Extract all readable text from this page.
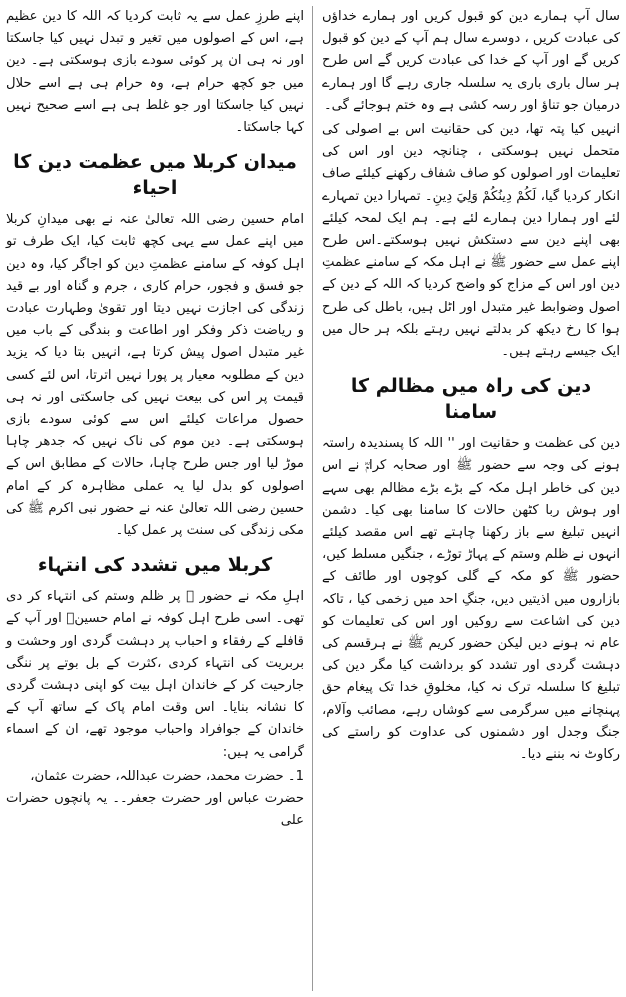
سال آپ ہمارے دین کو قبول کریں اور ہمارے خداؤں کی عبادت کریں ، دوسرے سال ہم آپ کے دین کو قبول کریں گے اور آپ کے خدا کی عبادت کریں گے اس طرح ہر سال باری باری یہ سلسلہ جاری رہے گا اور ہمارے درمیان جو تناؤ اور رسہ کشی ہے وہ ختم ہوجائے گی۔

انہیں کیا پتہ تھا، دین کی حقانیت اس بے اصولی کی متحمل نہیں ہوسکتی ، چنانچہ دین اور اس کی تعلیمات اور اصولوں کو صاف شفاف رکھنے کیلئے صاف انکار کردیا گیا، لَكُمْ دِينُكُمْ وَلِيَ دِينِ۔ تمہارا دین تمہارے لئے اور ہمارا دین ہمارے لئے ہے۔ ہم ایک لمحہ کیلئے بھی اپنے دین سے دستکش نہیں ہوسکتے۔اس طرح اپنے عمل سے حضور ﷺ نے اہل مکہ کے سامنے عظمتِ دین اور اس کے مزاج کو واضح کردیا کہ اللہ کے دین کے اصول وضوابط غیر متبدل اور اٹل ہیں، باطل کی طرح ہوا کا رخ دیکھ کر بدلتے نہیں رہتے بلکہ ہر حال میں ایک جیسے رہتے ہیں۔

دین کی راہ میں مظالم کا سامنا

دین کی عظمت و حقانیت اور '' اللہ کا پسندیدہ راستہ ہونے کی وجہ سے حضور ﷺ اور صحابہ کرامؓ نے اس دین کی خاطر اہل مکہ کے بڑے بڑے مظالم بھی سہے اور ہوش ربا کٹھن حالات کا سامنا بھی کیا۔ دشمن انہیں تبلیغ سے باز رکھنا چاہتے تھے اس مقصد کیلئے انہوں نے ظلم وستم کے پہاڑ توڑے ، جنگیں مسلط کیں، حضور ﷺ کو مکہ کے گلی کوچوں اور طائف کے بازاروں میں اذیتیں دیں، جنگِ احد میں زخمی کیا ، تاکہ دین کی اشاعت سے روکیں اور اس کی تعلیمات کو عام نہ ہونے دیں لیکن حضور کریم ﷺ نے ہرقسم کی دہشت گردی اور تشدد کو برداشت کیا مگر دین کی تبلیغ کا سلسلہ ترک نہ کیا، مخلوقِ خدا تک پیغام حق پہنچانے میں سرگرمی سے کوشاں رہے، مصائب وآلام، جنگ وجدل اور دشمنوں کی عداوت کو راستے کی رکاوٹ نہ بننے دیا۔

اپنے طرزِ عمل سے یہ ثابت کردیا کہ اللہ کا دین عظیم ہے، اس کے اصولوں میں تغیر و تبدل نہیں کیا جاسکتا اور نہ ہی ان پر کوئی سودے بازی ہوسکتی ہے۔ دین میں جو کچھ حرام ہے، وہ حرام ہی ہے اسے حلال نہیں کیا جاسکتا اور جو غلط ہی ہے اسے صحیح نہیں کہا جاسکتا۔

میدان کربلا میں عظمت دین کا احیاء

امام حسین رضی اللہ تعالیٰ عنہ نے بھی میدانِ کربلا میں اپنے عمل سے یہی کچھ ثابت کیا، ایک طرف تو اہل کوفہ کے سامنے عظمتِ دین کو اجاگر کیا، وہ دین جو فسق و فجور، حرام کاری ، جرم و گناہ اور بے قید زندگی کی اجازت نہیں دیتا اور تقویٰ وطہارت عبادت و ریاضت ذکر وفکر اور اطاعت و بندگی کے باب میں غیر متبدل اصول پیش کرتا ہے، انہیں بتا دیا کہ یزید دین کے مطلوبہ معیار پر پورا نہیں اترتا، اس لئے کسی قیمت پر اس کی بیعت نہیں کی جاسکتی اور نہ ہی حصول مراعات کیلئے اس سے کوئی سودے بازی ہوسکتی ہے۔ دین موم کی ناک نہیں کہ جدھر چاہا موڑ لیا اور جس طرح چاہا، حالات کے مطابق اس کے اصولوں کو بدل لیا یہ عملی مظاہرہ کر کے امام حسین رضی اللہ تعالیٰ عنہ نے حضور نبی اکرم ﷺ کی مکی زندگی کی سنت پر عمل کیا۔

کربلا میں تشدد کی انتہاء

اہلِ مکہ نے حضور ﷺ پر ظلم وستم کی انتہاء کر دی تھی۔ اسی طرح اہل کوفہ نے امام حسینؓ اور آپ کے قافلے کے رفقاء و احباب پر دہشت گردی اور وحشت و بربریت کی انتہاء کردی ،کثرت کے بل بوتے پر ننگی جارحیت کر کے خاندان اہل بیت کو اپنی دہشت گردی کا نشانہ بنایا۔ اس وقت امام پاک کے ساتھ آپ کے خاندان کے جوافراد واحباب موجود تھے، ان کے اسماء گرامی یہ ہیں:

1۔ حضرت محمد، حضرت عبداللہ، حضرت عثمان،
حضرت عباس اور حضرت جعفر۔۔ یہ پانچوں حضرات علی
